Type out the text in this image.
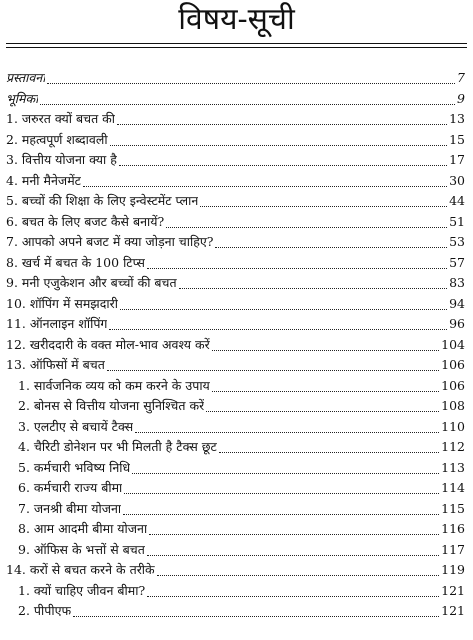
विषय-सूची
प्रस्तावना	7
भूमिका	9
1. जरुरत क्यों बचत की	13
2. महत्वपूर्ण शब्दावली	15
3. वित्तीय योजना क्या है	17
4. मनी मैनेजमेंट	30
5. बच्चों की शिक्षा के लिए इन्वेस्टमेंट प्लान	44
6. बचत के लिए बजट कैसे बनायें?	51
7. आपको अपने बजट में क्या जोड़ना चाहिए?	53
8. खर्च में बचत के 100 टिप्स	57
9. मनी एजुकेशन और बच्चों की बचत	83
10. शॉपिंग में समझदारी	94
11. ऑनलाइन शॉपिंग	96
12. खरीददारी के वक्त मोल-भाव अवश्य करें	104
13. ऑफिसों में बचत	106
1. सार्वजनिक व्यय को कम करने के उपाय	106
2. बोनस से वित्तीय योजना सुनिश्चित करें	108
3. एलटीए से बचायें टैक्स	110
4. चैरिटी डोनेशन पर भी मिलती है टैक्स छूट	112
5. कर्मचारी भविष्य निधि	113
6. कर्मचारी राज्य बीमा	114
7. जनश्री बीमा योजना	115
8. आम आदमी बीमा योजना	116
9. ऑफिस के भत्तों से बचत	117
14. करों से बचत करने के तरीके	119
1. क्यों चाहिए जीवन बीमा?	121
2. पीपीएफ	121
